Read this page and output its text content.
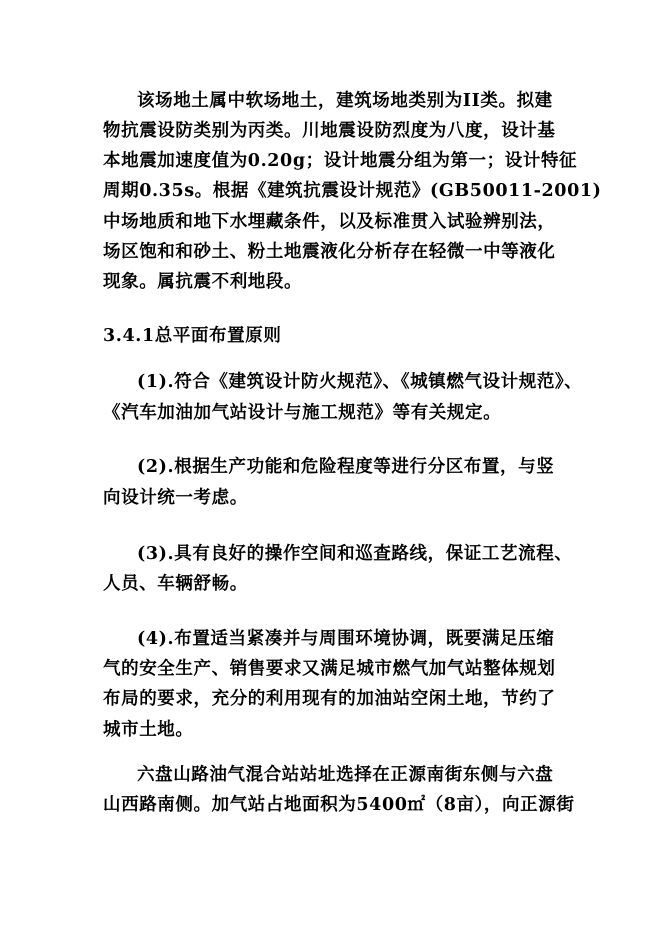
该场地土属中软场地土，建筑场地类别为II类。拟建
物抗震设防类别为丙类。川地震设防烈度为八度，设计基
本地震加速度值为0.20g；设计地震分组为第一；设计特征
周期0.35s。根据《建筑抗震设计规范》(GB50011-2001)
中场地质和地下水埋藏条件，以及标准贯入试验辨别法，
场区饱和和砂土、粉土地震液化分析存在轻微一中等液化
现象。属抗震不利地段。
3.4.1总平面布置原则
(1).符合《建筑设计防火规范》、《城镇燃气设计规范》、
《汽车加油加气站设计与施工规范》等有关规定。
(2).根据生产功能和危险程度等进行分区布置，与竖
向设计统一考虑。
(3).具有良好的操作空间和巡查路线，保证工艺流程、
人员、车辆舒畅。
(4).布置适当紧凑并与周围环境协调，既要满足压缩
气的安全生产、销售要求又满足城市燃气加气站整体规划
布局的要求，充分的利用现有的加油站空闲土地，节约了
城市土地。
六盘山路油气混合站站址选择在正源南街东侧与六盘
山西路南侧。加气站占地面积为5400㎡（8亩），向正源街
